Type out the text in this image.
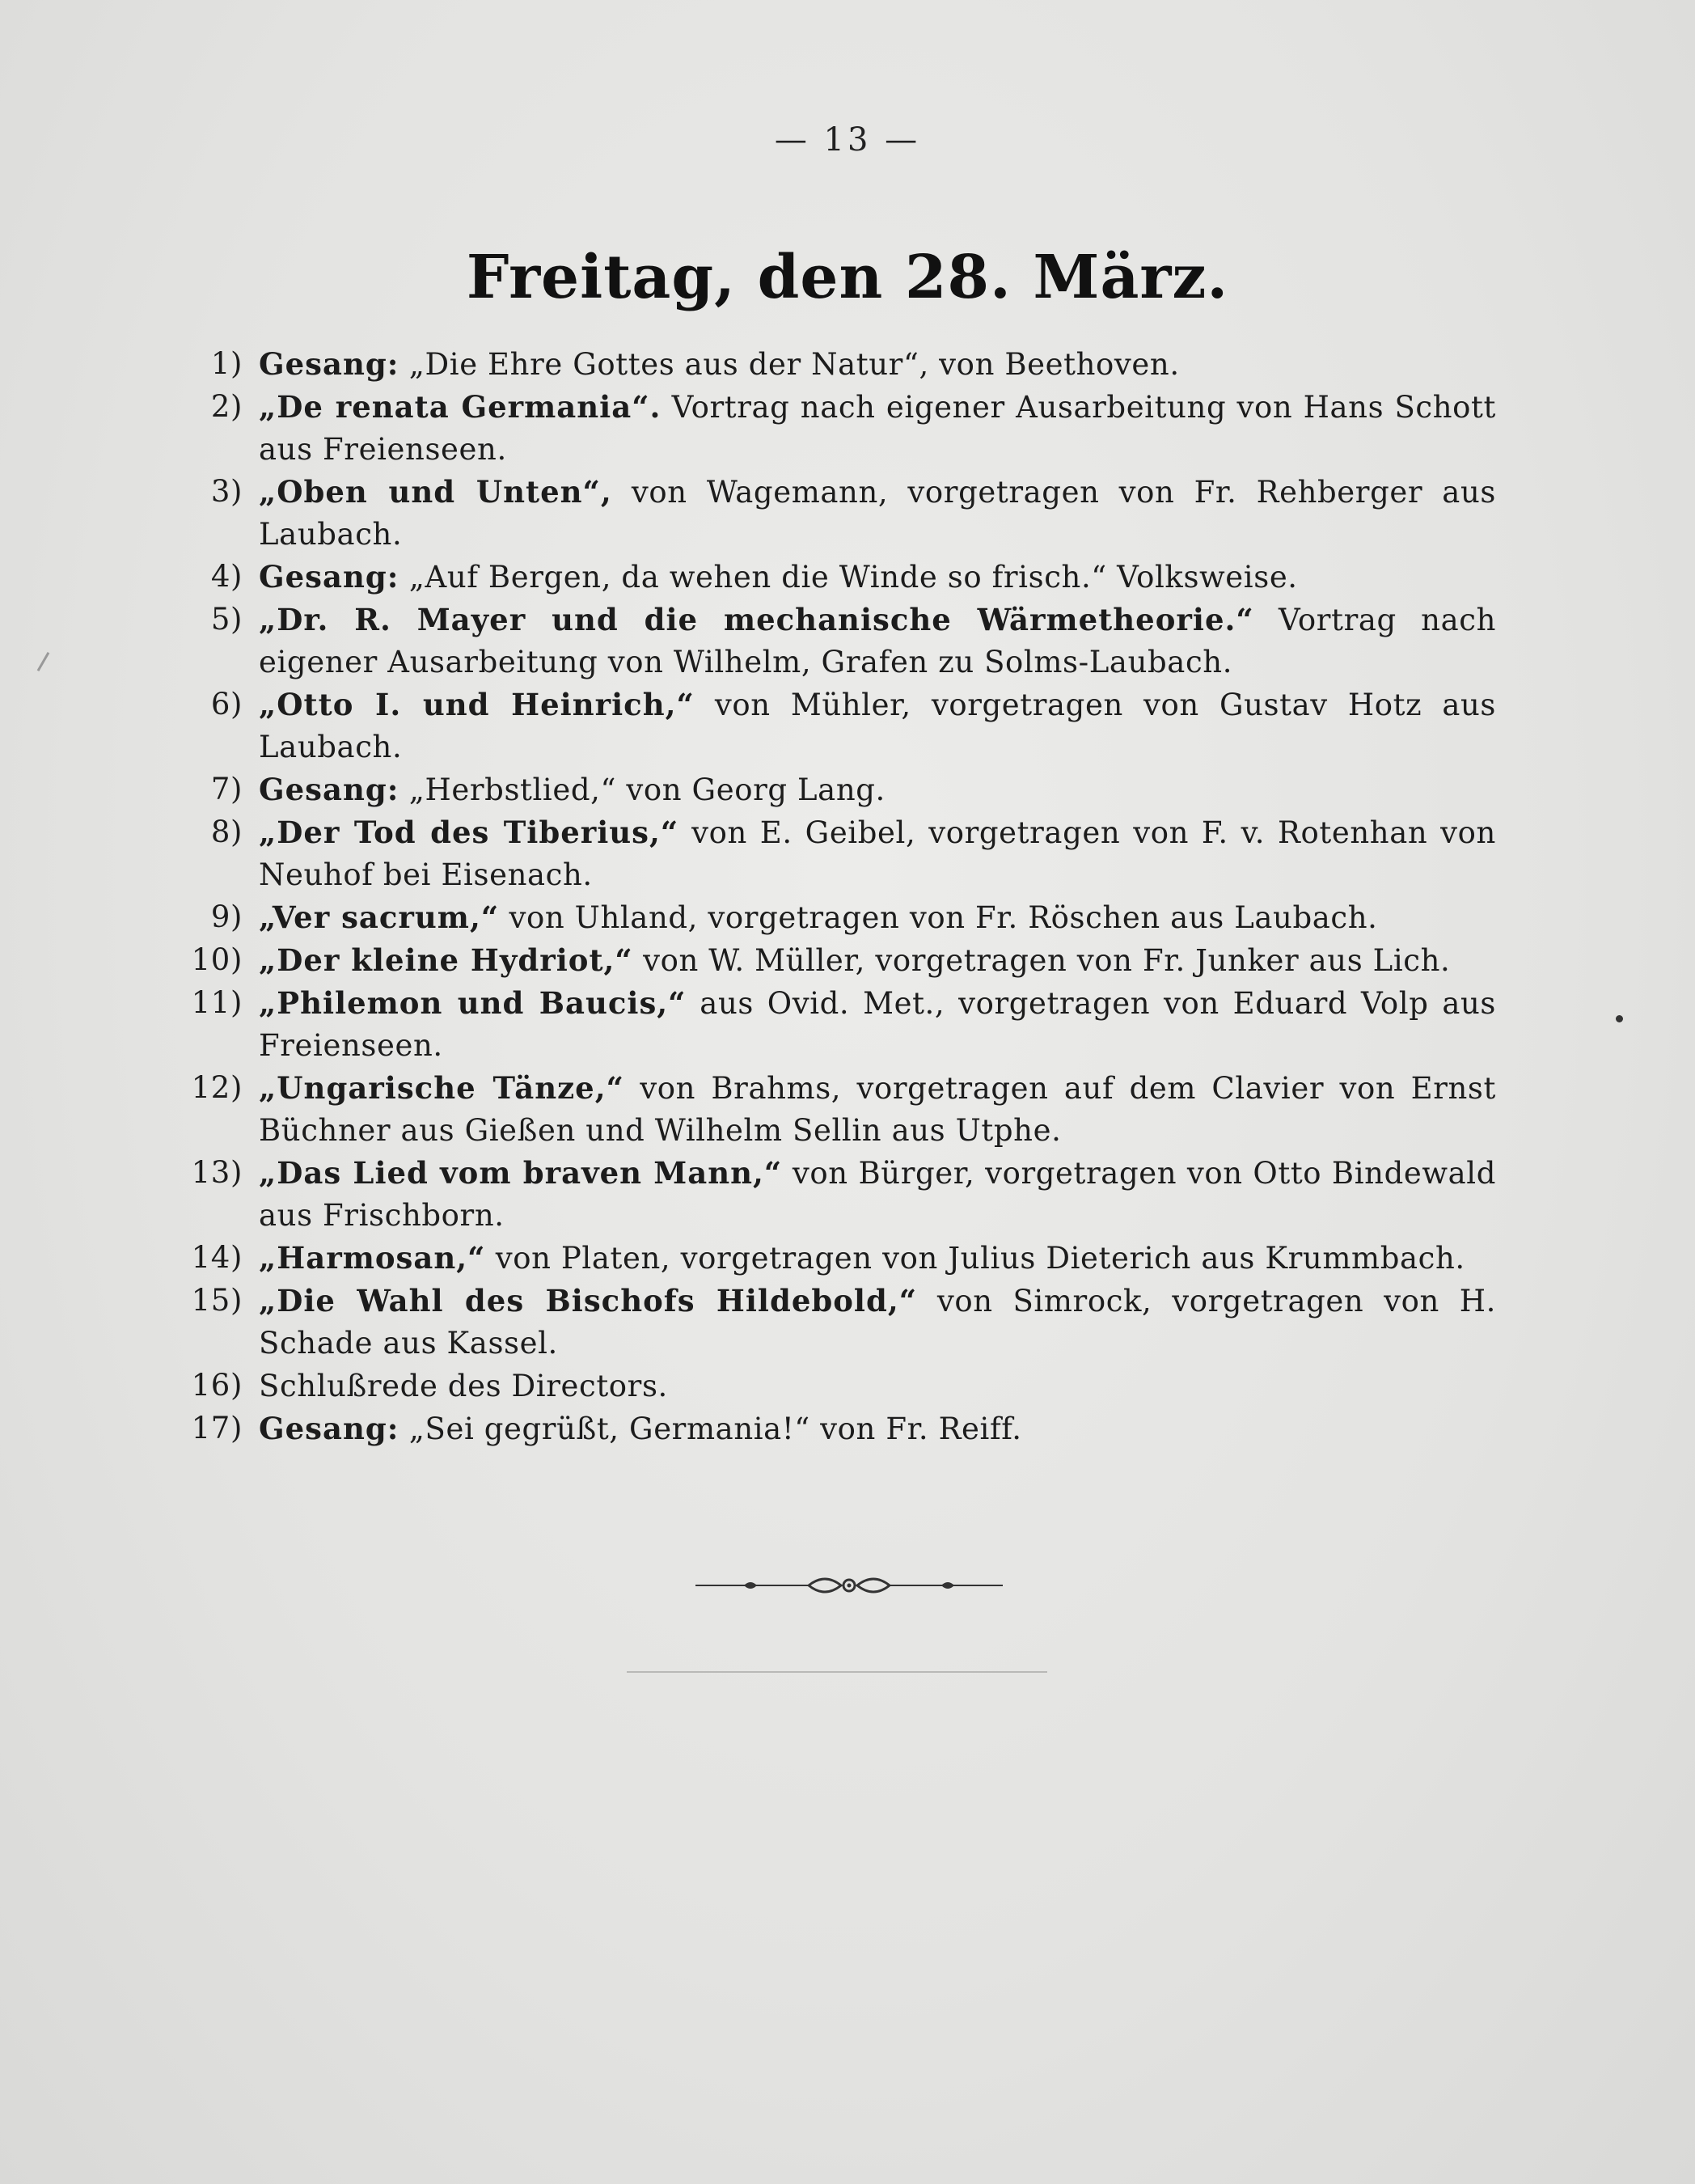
— 13 —
Freitag, den 28. März.
1) Gesang: „Die Ehre Gottes aus der Natur“, von Beethoven.
2) „De renata Germania“. Vortrag nach eigener Ausarbeitung von Hans Schott aus Freienseen.
3) „Oben und Unten“, von Wagemann, vorgetragen von Fr. Rehberger aus Laubach.
4) Gesang: „Auf Bergen, da wehen die Winde so frisch.“ Volksweise.
5) „Dr. R. Mayer und die mechanische Wärmetheorie.“ Vortrag nach eigener Ausarbeitung von Wilhelm, Grafen zu Solms-Laubach.
6) „Otto I. und Heinrich,“ von Mühler, vorgetragen von Gustav Hotz aus Laubach.
7) Gesang: „Herbstlied,“ von Georg Lang.
8) „Der Tod des Tiberius,“ von E. Geibel, vorgetragen von F. v. Rotenhan von Neuhof bei Eisenach.
9) „Ver sacrum,“ von Uhland, vorgetragen von Fr. Röschen aus Laubach.
10) „Der kleine Hydriot,“ von W. Müller, vorgetragen von Fr. Junker aus Lich.
11) „Philemon und Baucis,“ aus Ovid. Met., vorgetragen von Eduard Volp aus Freienseen.
12) „Ungarische Tänze,“ von Brahms, vorgetragen auf dem Clavier von Ernst Büchner aus Gießen und Wilhelm Sellin aus Utphe.
13) „Das Lied vom braven Mann,“ von Bürger, vorgetragen von Otto Bindewald aus Frischborn.
14) „Harmosan,“ von Platen, vorgetragen von Julius Dieterich aus Krummbach.
15) „Die Wahl des Bischofs Hildebold,“ von Simrock, vorgetragen von H. Schade aus Kassel.
16) Schlußrede des Directors.
17) Gesang: „Sei gegrüßt, Germania!“ von Fr. Reiff.
